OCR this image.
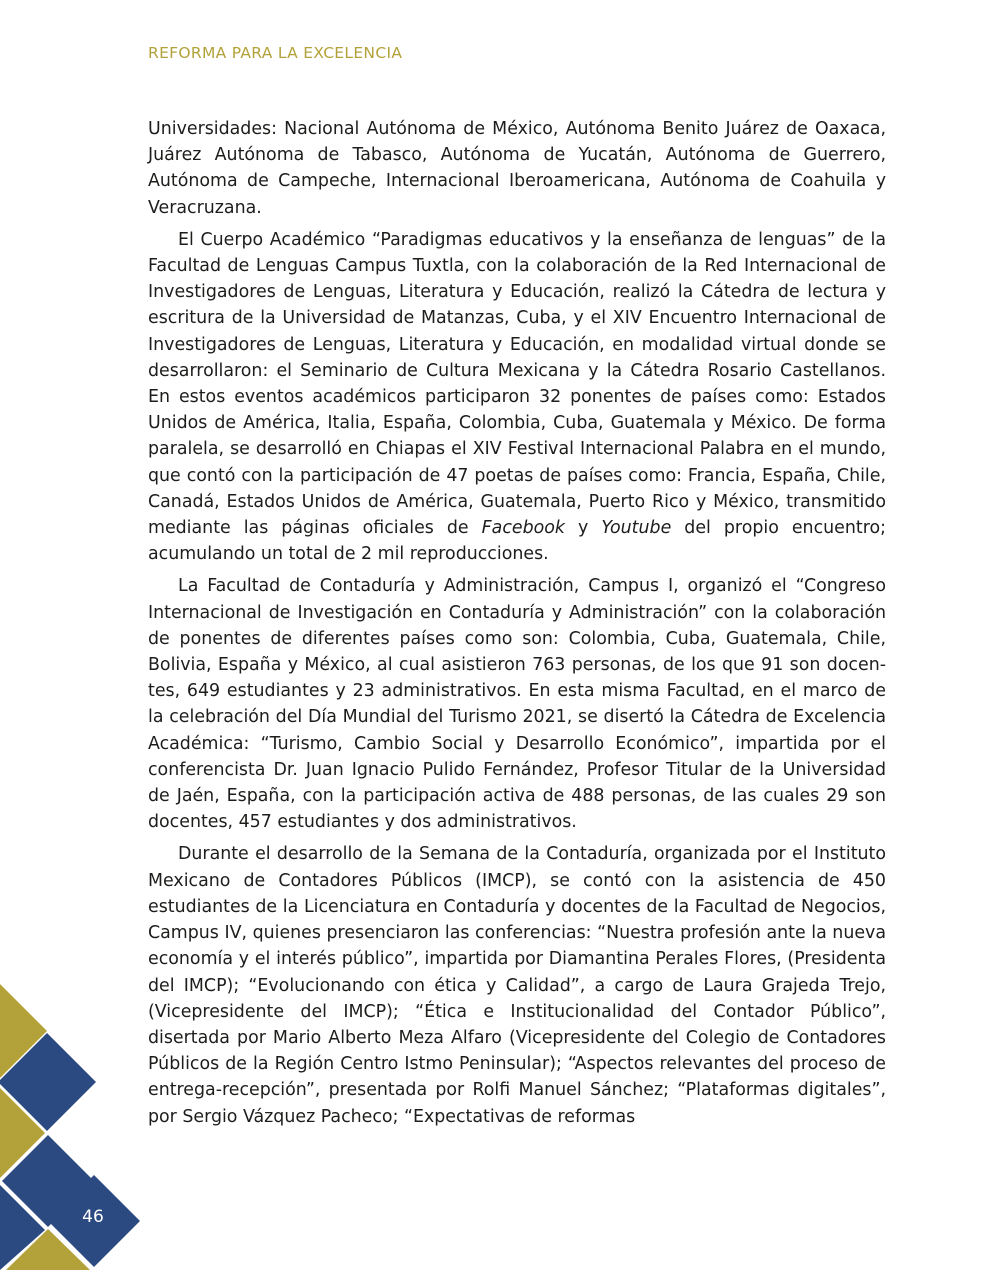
REFORMA PARA LA EXCELENCIA

Universidades: Nacional Autónoma de México, Autónoma Benito Juárez de Oaxaca, Juárez Autónoma de Tabasco, Autónoma de Yucatán, Autónoma de Guerrero, Autónoma de Campeche, Internacional Iberoamericana, Autónoma de Coahuila y Veracruzana.

El Cuerpo Académico “Paradigmas educativos y la enseñanza de lenguas” de la Facultad de Lenguas Campus Tuxtla, con la colaboración de la Red Internacional de Investigadores de Lenguas, Literatura y Educación, realizó la Cátedra de lectura y escritura de la Universidad de Matanzas, Cuba, y el XIV Encuentro Internacional de Investigadores de Lenguas, Literatura y Educación, en modalidad virtual donde se desarrollaron: el Seminario de Cultura Mexicana y la Cátedra Rosario Castellanos. En estos eventos académicos participaron 32 ponentes de países como: Estados Unidos de América, Italia, España, Colombia, Cuba, Guatemala y México. De forma paralela, se desarrolló en Chiapas el XIV Festival Internacional Palabra en el mundo, que contó con la participación de 47 poetas de países como: Francia, España, Chile, Canadá, Estados Unidos de América, Guatemala, Puerto Rico y México, transmitido mediante las páginas oficiales de Facebook y Youtube del propio encuentro; acumulando un total de 2 mil reproducciones.

La Facultad de Contaduría y Administración, Campus I, organizó el “Congreso Internacional de Investigación en Contaduría y Administración” con la colaboración de ponentes de diferentes países como son: Colombia, Cuba, Guatemala, Chile, Bolivia, España y México, al cual asistieron 763 personas, de los que 91 son docentes, 649 estudiantes y 23 administrativos. En esta misma Facultad, en el marco de la celebración del Día Mundial del Turismo 2021, se disertó la Cátedra de Excelencia Académica: “Turismo, Cambio Social y Desarrollo Económico”, impartida por el conferencista Dr. Juan Ignacio Pulido Fernández, Profesor Titular de la Universidad de Jaén, España, con la participación activa de 488 personas, de las cuales 29 son docentes, 457 estudiantes y dos administrativos.

Durante el desarrollo de la Semana de la Contaduría, organizada por el Instituto Mexicano de Contadores Públicos (IMCP), se contó con la asistencia de 450 estudiantes de la Licenciatura en Contaduría y docentes de la Facultad de Negocios, Campus IV, quienes presenciaron las conferencias: “Nuestra profesión ante la nueva economía y el interés público”, impartida por Diamantina Perales Flores, (Presidenta del IMCP); “Evolucionando con ética y Calidad”, a cargo de Laura Grajeda Trejo, (Vicepresidente del IMCP); “Ética e Institucionalidad del Contador Público”, disertada por Mario Alberto Meza Alfaro (Vicepresidente del Colegio de Contadores Públicos de la Región Centro Istmo Peninsular); “Aspectos relevantes del proceso de entrega-recepción”, presentada por Rolfi Manuel Sánchez; “Plataformas digitales”, por Sergio Vázquez Pacheco; “Expectativas de reformas

46
